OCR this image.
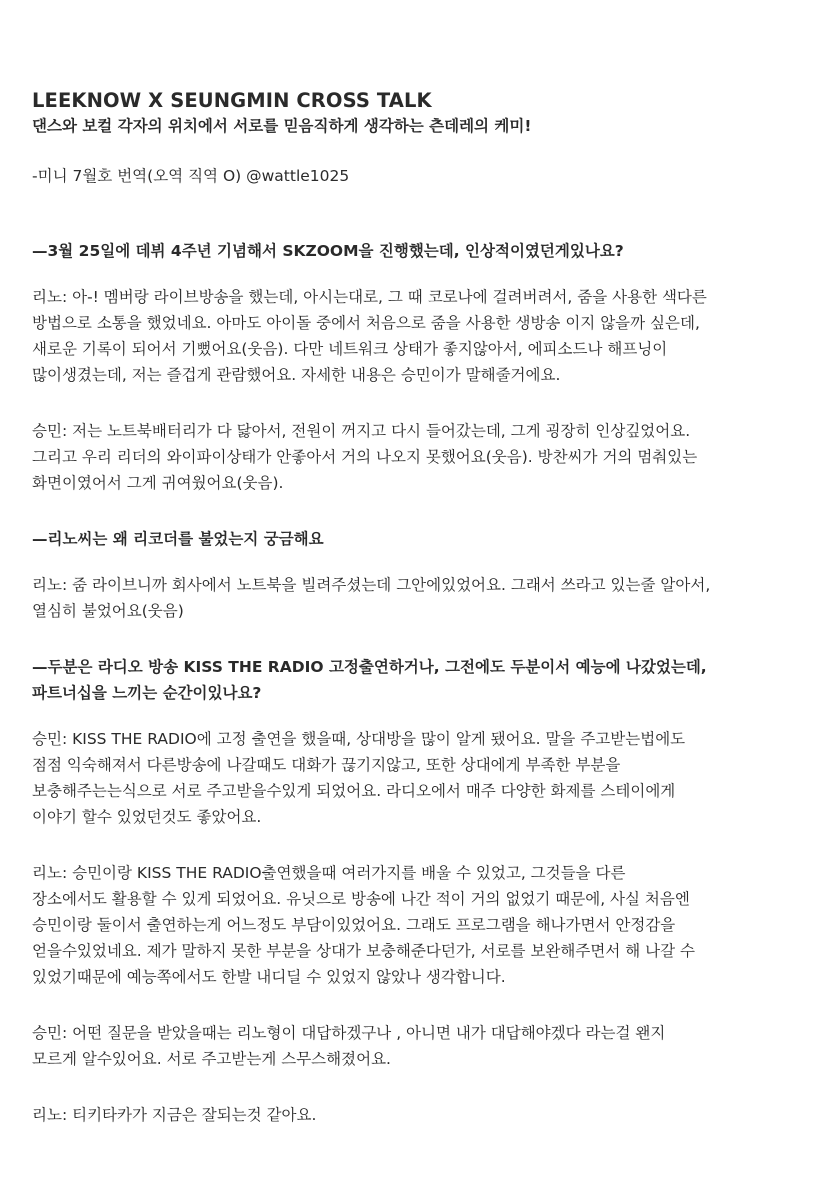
LEEKNOW X SEUNGMIN CROSS TALK

댄스와 보컬 각자의 위치에서 서로를 믿음직하게 생각하는 츤데레의 케미!

-미니 7월호 번역(오역 직역 O) @wattle1025

—3월 25일에 데뷔 4주년 기념해서 SKZOOM을 진행했는데, 인상적이였던게있나요?

리노: 아-! 멤버랑 라이브방송을 했는데, 아시는대로, 그 때 코로나에 걸려버려서, 줌을 사용한 색다른
방법으로 소통을 했었네요. 아마도 아이돌 중에서 처음으로 줌을 사용한 생방송 이지 않을까 싶은데,
새로운 기록이 되어서 기뻤어요(웃음). 다만 네트워크 상태가 좋지않아서, 에피소드나 해프닝이
많이생겼는데, 저는 즐겁게 관람했어요. 자세한 내용은 승민이가 말해줄거에요.

승민: 저는 노트북배터리가 다 닳아서, 전원이 꺼지고 다시 들어갔는데, 그게 굉장히 인상깊었어요.
그리고 우리 리더의 와이파이상태가 안좋아서 거의 나오지 못했어요(웃음). 방찬씨가 거의 멈춰있는
화면이였어서 그게 귀여웠어요(웃음).

—리노씨는 왜 리코더를 불었는지 궁금해요

리노: 줌 라이브니까 회사에서 노트북을 빌려주셨는데 그안에있었어요. 그래서 쓰라고 있는줄 알아서,
열심히 불었어요(웃음)

—두분은 라디오 방송 KISS THE RADIO 고정출연하거나, 그전에도 두분이서 예능에 나갔었는데,
파트너십을 느끼는 순간이있나요?

승민: KISS THE RADIO에 고정 출연을 했을때, 상대방을 많이 알게 됐어요. 말을 주고받는법에도
점점 익숙해져서 다른방송에 나갈때도 대화가 끊기지않고, 또한 상대에게 부족한 부분을
보충해주는는식으로 서로 주고받을수있게 되었어요. 라디오에서 매주 다양한 화제를 스테이에게
이야기 할수 있었던것도 좋았어요.

리노: 승민이랑 KISS THE RADIO출연했을때 여러가지를 배울 수 있었고, 그것들을 다른
장소에서도 활용할 수 있게 되었어요. 유닛으로 방송에 나간 적이 거의 없었기 때문에, 사실 처음엔
승민이랑 둘이서 출연하는게 어느정도 부담이있었어요. 그래도 프로그램을 해나가면서 안정감을
얻을수있었네요. 제가 말하지 못한 부분을 상대가 보충해준다던가, 서로를 보완해주면서 해 나갈 수
있었기때문에 예능쪽에서도 한발 내디딜 수 있었지 않았나 생각합니다.

승민: 어떤 질문을 받았을때는 리노형이 대답하겠구나 , 아니면 내가 대답해야겠다 라는걸 왠지
모르게 알수있어요. 서로 주고받는게 스무스해졌어요.

리노: 티키타카가 지금은 잘되는것 같아요.
